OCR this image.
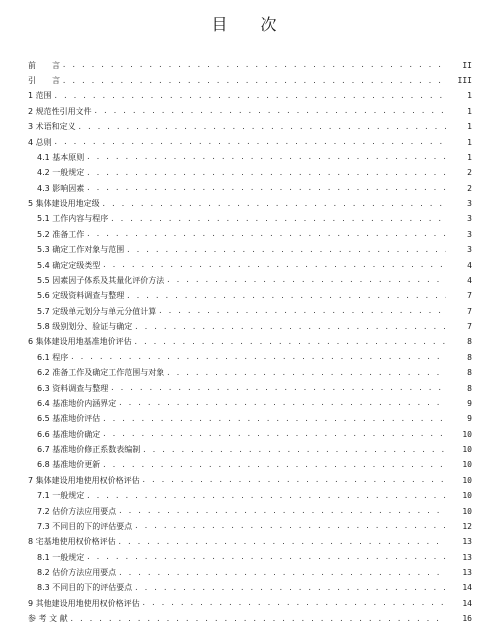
目 次
前　　言 . . .	II
引　　言 . . .	III
1 范围 . . .	1
2 规范性引用文件 . . .	1
3 术语和定义 . . .	1
4 总则 . . .	1
4.1 基本原则 . . .	1
4.2 一般规定 . . .	2
4.3 影响因素 . . .	2
5 集体建设用地定级 . . .	3
5.1 工作内容与程序 . . .	3
5.2 准备工作 . . .	3
5.3 确定工作对象与范围 . . .	3
5.4 确定定级类型 . . .	4
5.5 因素因子体系及其量化评价方法 . . .	4
5.6 定级资料调查与整理 . . .	7
5.7 定级单元划分与单元分值计算 . . .	7
5.8 级别划分、验证与确定 . . .	7
6 集体建设用地基准地价评估 . . .	8
6.1 程序 . . .	8
6.2 准备工作及确定工作范围与对象 . . .	8
6.3 资料调查与整理 . . .	8
6.4 基准地价内涵界定 . . .	9
6.5 基准地价评估 . . .	9
6.6 基准地价确定 . . .	10
6.7 基准地价修正系数表编制 . . .	10
6.8 基准地价更新 . . .	10
7 集体建设用地使用权价格评估 . . .	10
7.1 一般规定 . . .	10
7.2 估价方法应用要点 . . .	10
7.3 不同目的下的评估要点 . . .	12
8 宅基地使用权价格评估 . . .	13
8.1 一般规定 . . .	13
8.2 估价方法应用要点 . . .	13
8.3 不同目的下的评估要点 . . .	14
9 其他建设用地使用权价格评估 . . .	14
参 考 文 献 . . .	16
